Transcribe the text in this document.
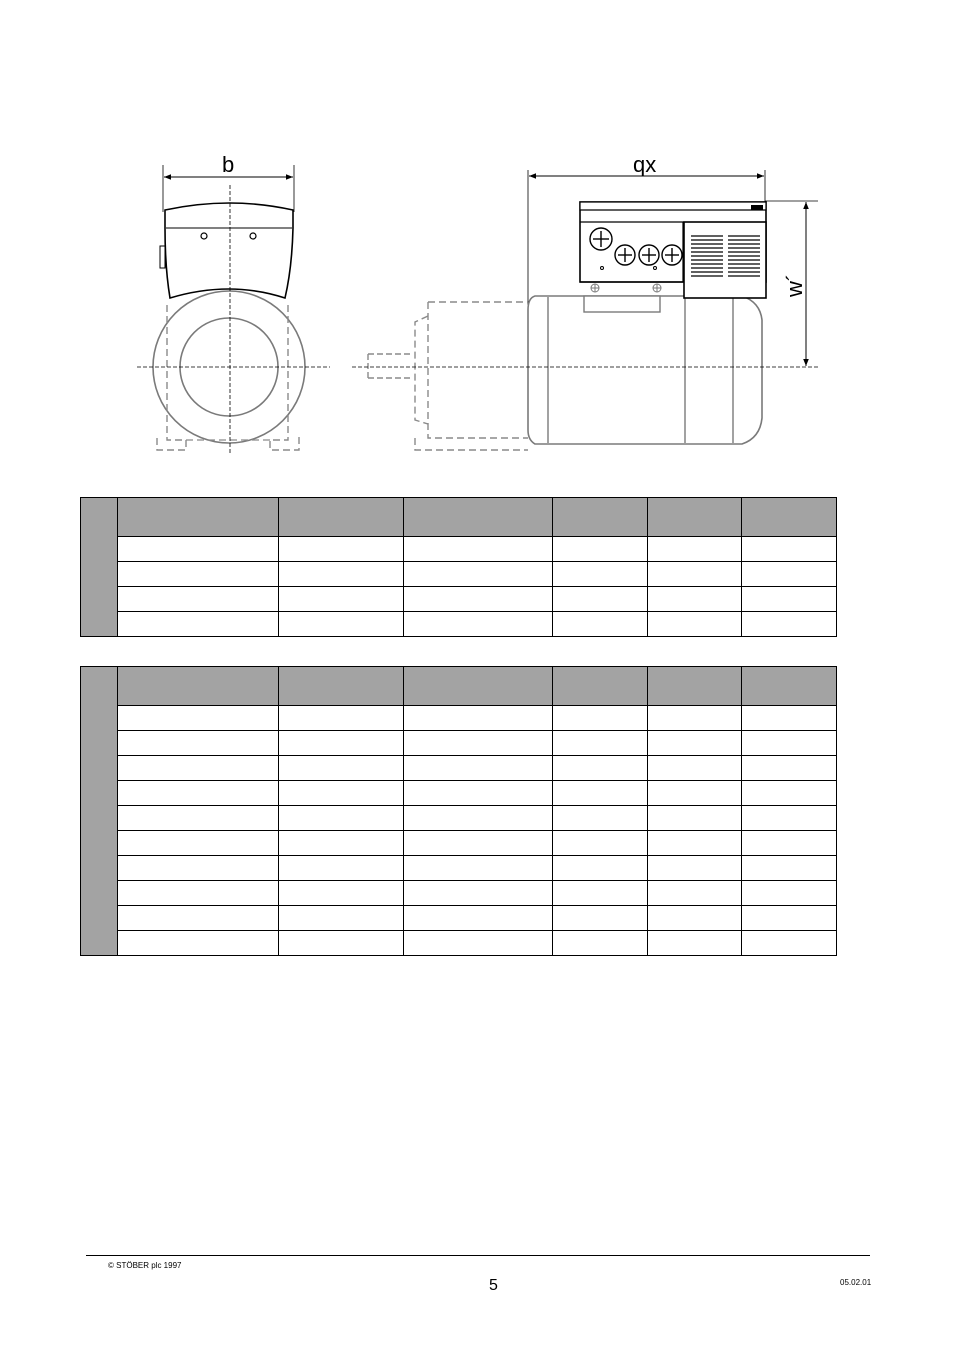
b	qx
w´

© STÖBER plc 1997
5	05.02.01
